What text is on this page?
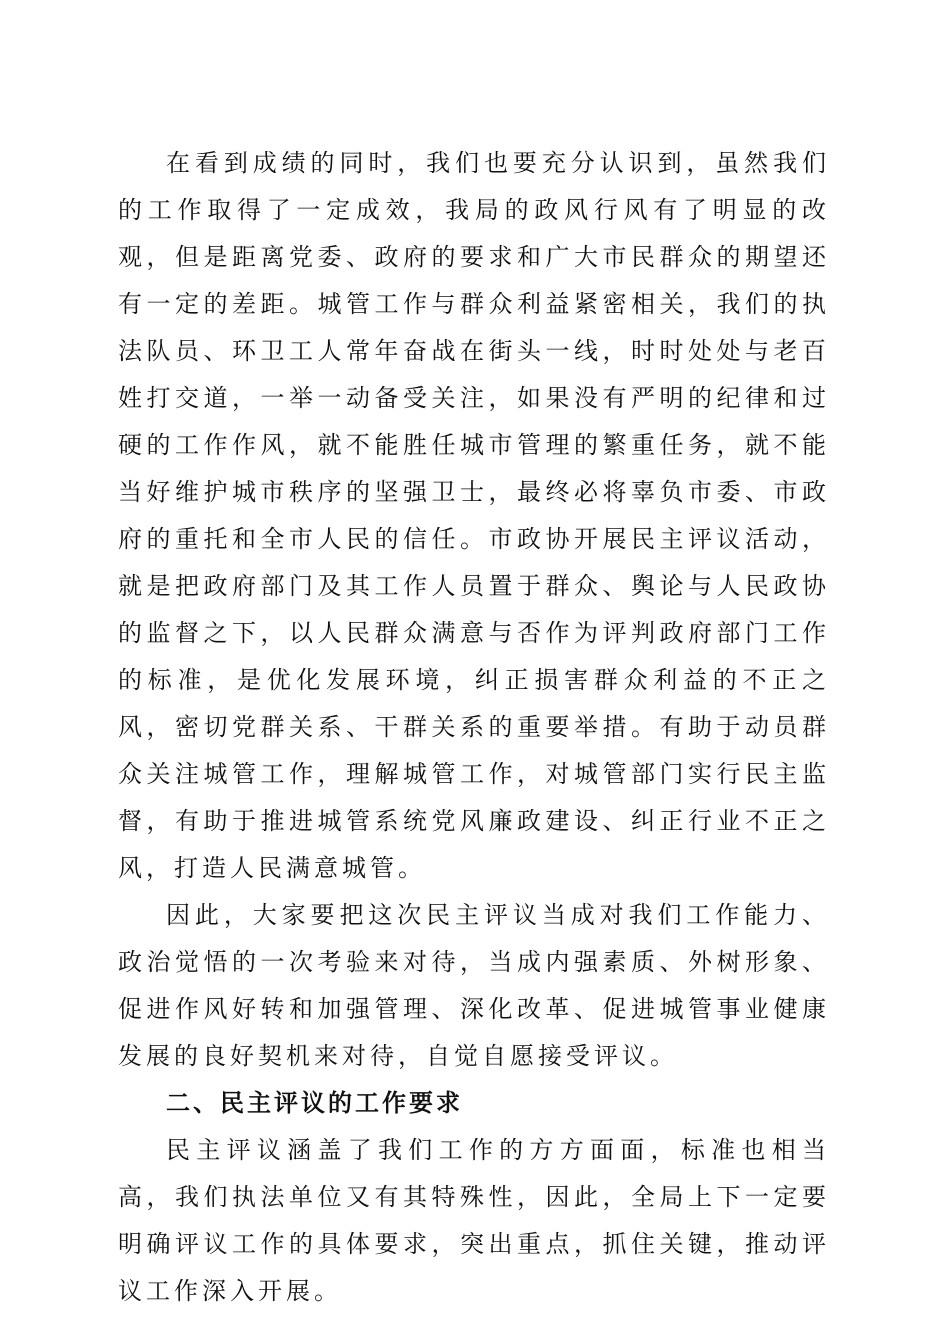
在看到成绩的同时，我们也要充分认识到，虽然我们的工作取得了一定成效，我局的政风行风有了明显的改观，但是距离党委、政府的要求和广大市民群众的期望还有一定的差距。城管工作与群众利益紧密相关，我们的执法队员、环卫工人常年奋战在街头一线，时时处处与老百姓打交道，一举一动备受关注，如果没有严明的纪律和过硬的工作作风，就不能胜任城市管理的繁重任务，就不能当好维护城市秩序的坚强卫士，最终必将辜负市委、市政府的重托和全市人民的信任。市政协开展民主评议活动，就是把政府部门及其工作人员置于群众、舆论与人民政协的监督之下，以人民群众满意与否作为评判政府部门工作的标准，是优化发展环境，纠正损害群众利益的不正之风，密切党群关系、干群关系的重要举措。有助于动员群众关注城管工作，理解城管工作，对城管部门实行民主监督，有助于推进城管系统党风廉政建设、纠正行业不正之风，打造人民满意城管。

因此，大家要把这次民主评议当成对我们工作能力、政治觉悟的一次考验来对待，当成内强素质、外树形象、促进作风好转和加强管理、深化改革、促进城管事业健康发展的良好契机来对待，自觉自愿接受评议。

二、民主评议的工作要求

民主评议涵盖了我们工作的方方面面，标准也相当高，我们执法单位又有其特殊性，因此，全局上下一定要明确评议工作的具体要求，突出重点，抓住关键，推动评议工作深入开展。
